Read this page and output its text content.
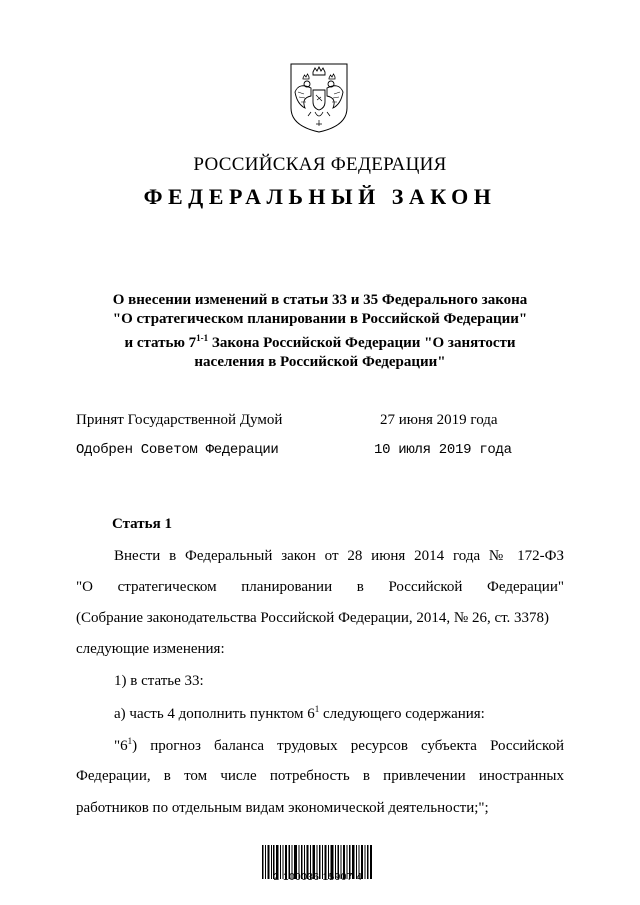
РОССИЙСКАЯ ФЕДЕРАЦИЯ
ФЕДЕРАЛЬНЫЙ ЗАКОН
О внесении изменений в статьи 33 и 35 Федерального закона
"О стратегическом планировании в Российской Федерации"
и статью 7$^{1-1}$ Закона Российской Федерации "О занятости
населения в Российской Федерации"
Принят Государственной Думой	27 июня 2019 года
Одобрен Советом Федерации	10 июля 2019 года
Статья 1
Внести в Федеральный закон от 28 июня 2014 года № 172-ФЗ
"О стратегическом планировании в Российской Федерации"
(Собрание законодательства Российской Федерации, 2014, № 26, ст. 3378)
следующие изменения:
1) в статье 33:
а) часть 4 дополнить пунктом $6^1$ следующего содержания:
"$6^1$) прогноз баланса трудовых ресурсов субъекта Российской
Федерации, в том числе потребность в привлечении иностранных
работников по отдельным видам экономической деятельности;";
2 100036 15907 4
